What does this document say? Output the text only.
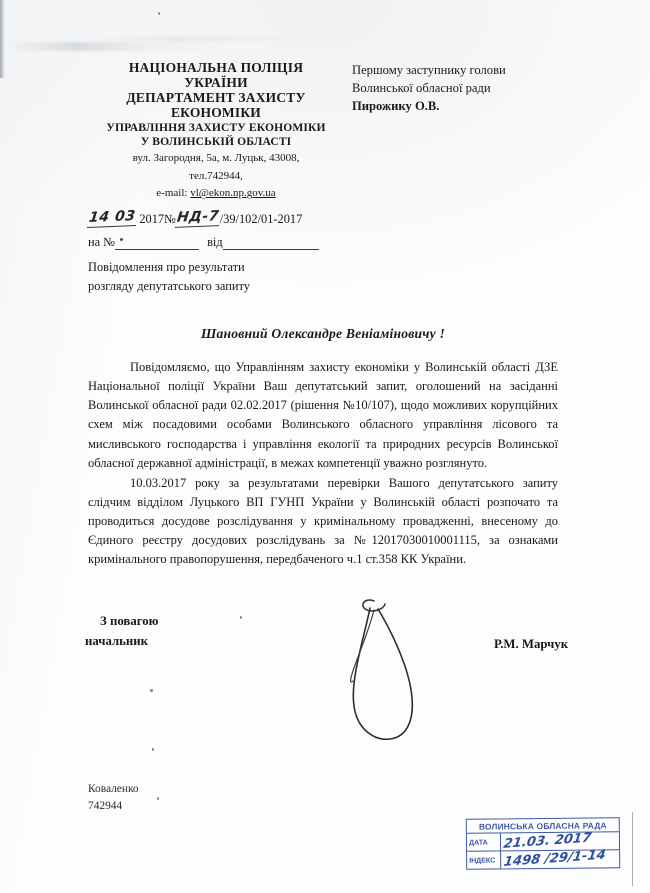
НАЦІОНАЛЬНА ПОЛІЦІЯ
УКРАЇНИ
ДЕПАРТАМЕНТ ЗАХИСТУ
ЕКОНОМІКИ
УПРАВЛІННЯ ЗАХИСТУ ЕКОНОМІКИ
У ВОЛИНСЬКІЙ ОБЛАСТІ
вул. Загородня, 5а, м. Луцьк, 43008,
тел.742944,
e-mail: vl@ekon.np.gov.ua
Першому заступнику голови
Волинської обласної ради
Пирожику О.В.
14 03 2017 № НД-7 /39/102/01-2017
на №	від
Повідомлення про результати
розгляду депутатського запиту
Шановний Олександре Веніаміновичу !

Повідомляємо, що Управлінням захисту економіки у Волинській області ДЗЕ Національної поліції України Ваш депутатський запит, оголошений на засіданні Волинської обласної ради 02.02.2017 (рішення №10/107), щодо можливих корупційних схем між посадовими особами Волинського обласного управління лісового та мисливського господарства і управління екології та природних ресурсів Волинської обласної державної адміністрації, в межах компетенції уважно розглянуто.

10.03.2017 року за результатами перевірки Вашого депутатського запиту слідчим відділом Луцького ВП ГУНП України у Волинській області розпочато та проводиться досудове розслідування у кримінальному провадженні, внесеному до Єдиного реєстру досудових розслідувань за №12017030010001115, за ознаками кримінального правопорушення, передбаченого ч.1 ст.358 КК України.

З повагою
начальник	Р.М. Марчук
Коваленко
742944
ВОЛИНСЬКА ОБЛАСНА РАДА
ДАТА	21.03. 2017
ІНДЕКС 1498 /29/1-14
